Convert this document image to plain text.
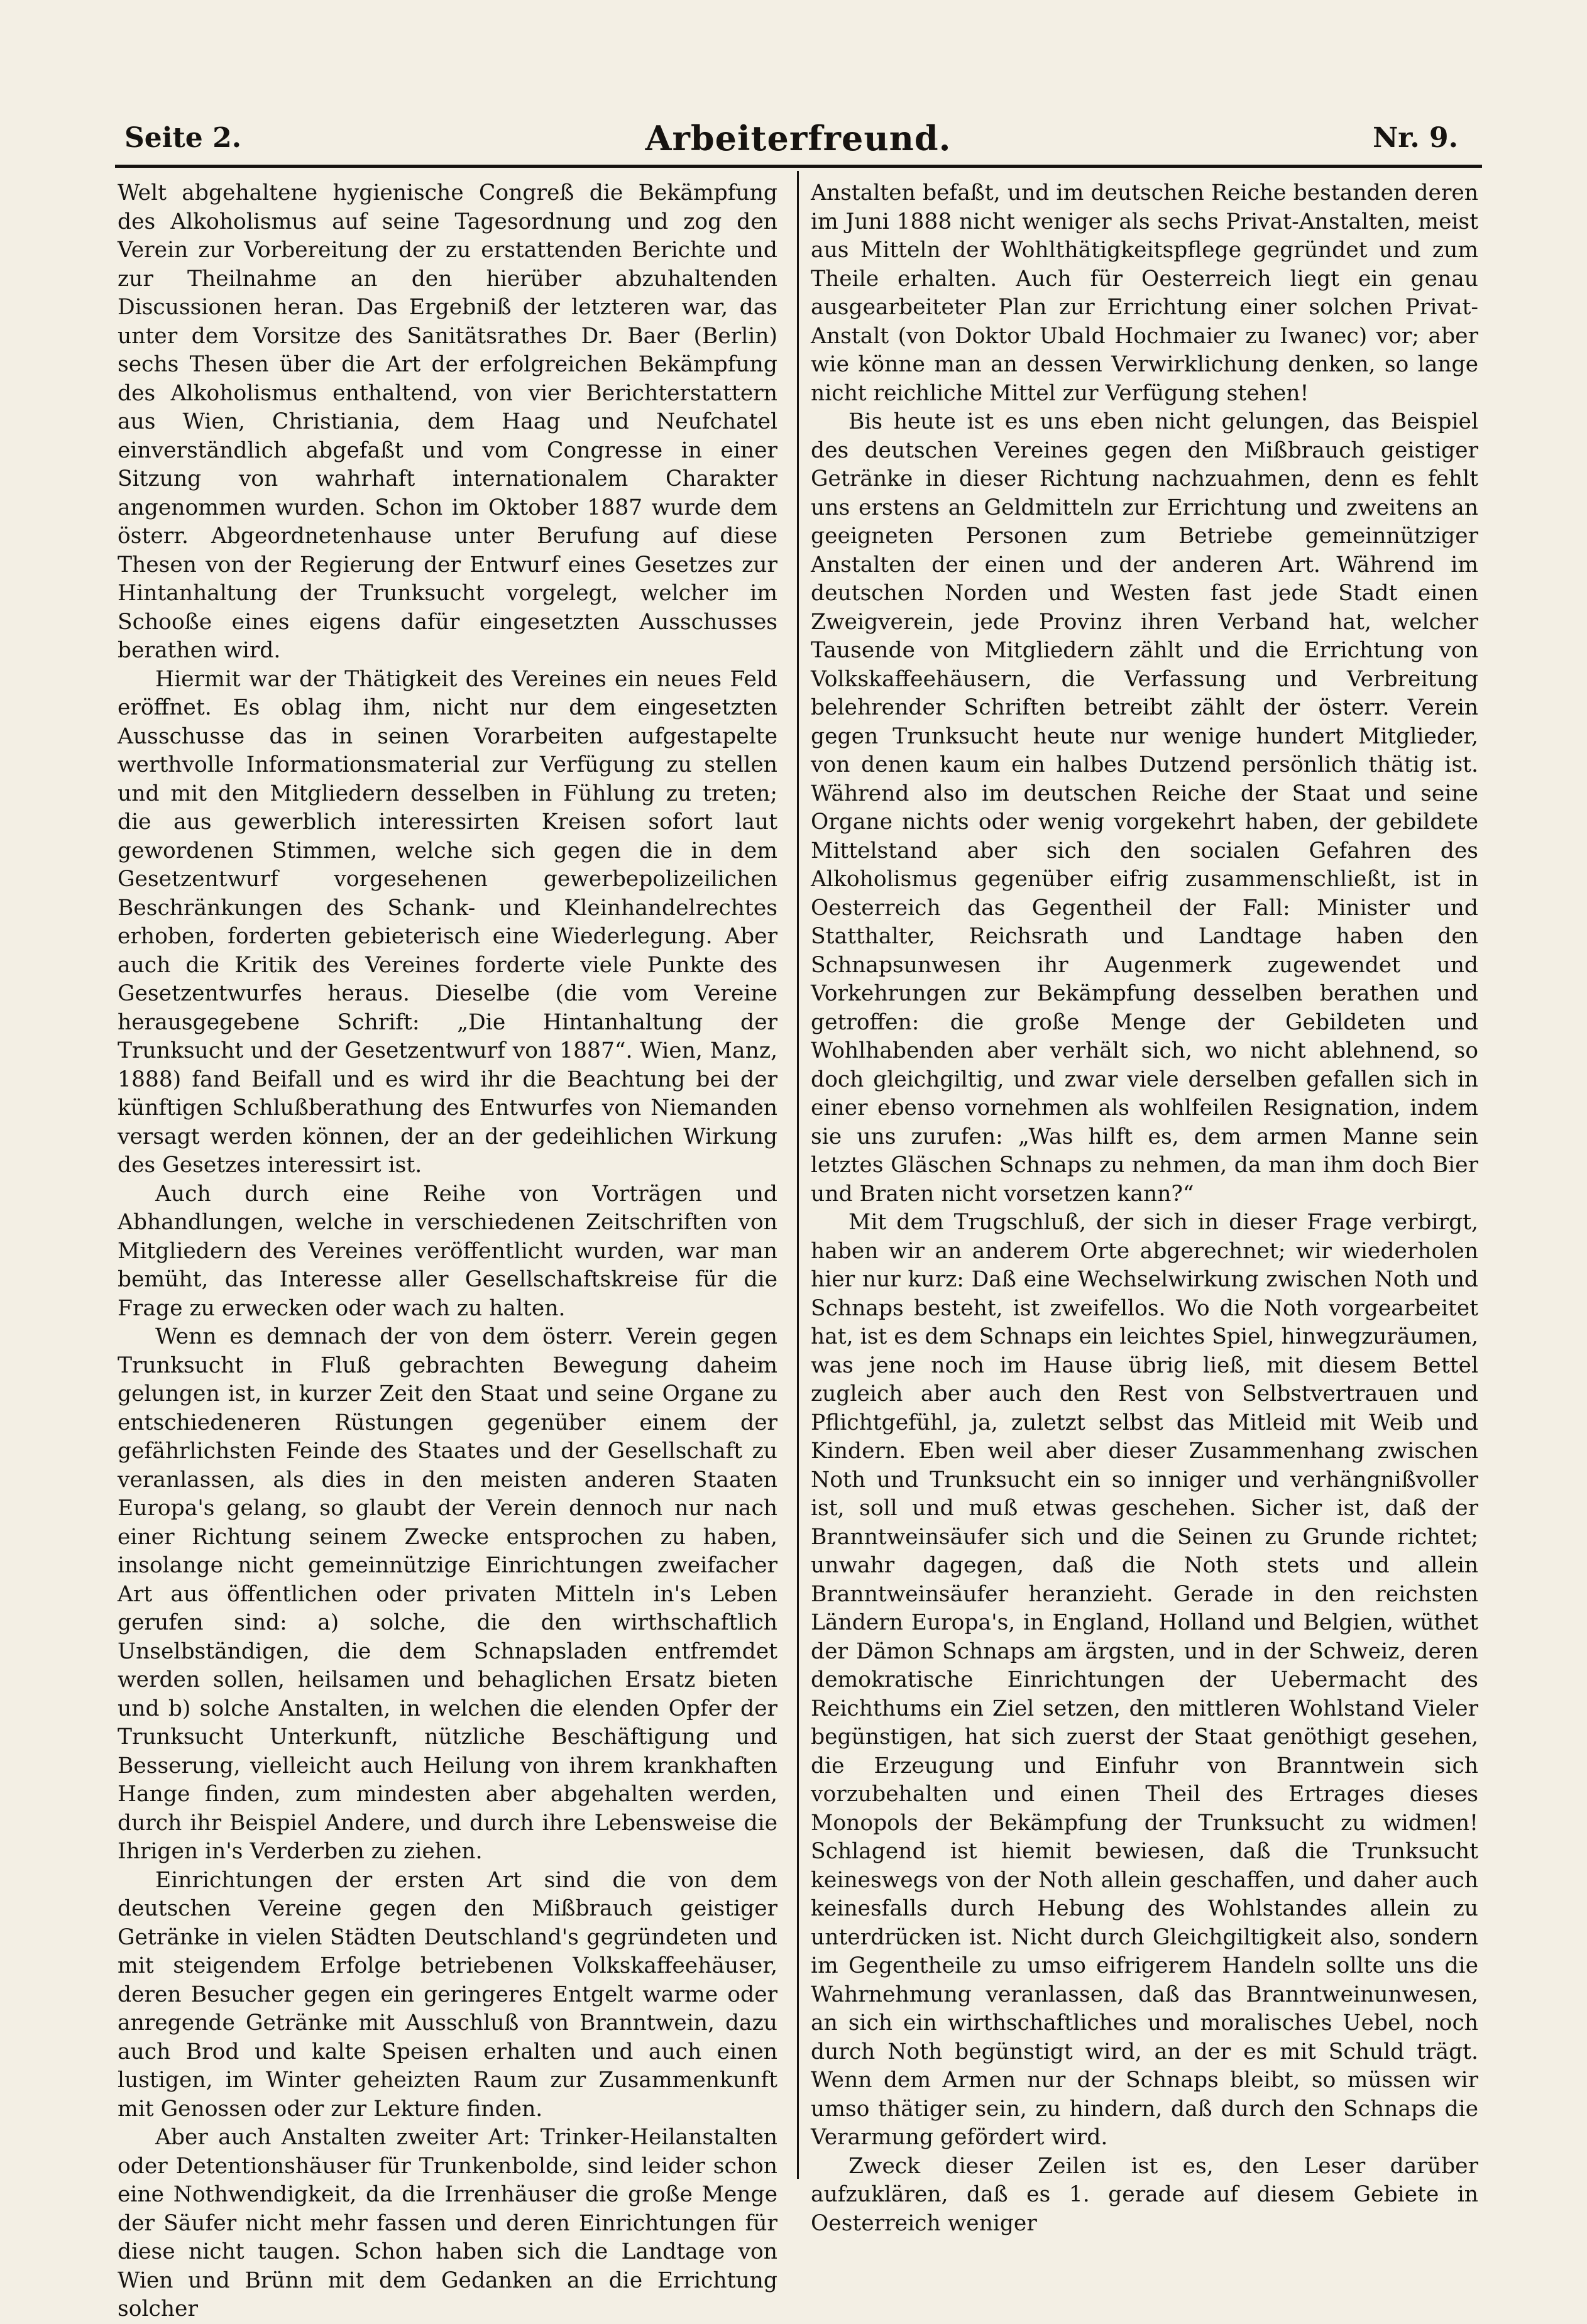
Seite 2.	Arbeiterfreund.	Nr. 9.

Welt abgehaltene hygienische Congreß die Bekämpfung des Alkoholismus auf seine Tagesordnung und zog den Verein zur Vorbereitung der zu erstattenden Berichte und zur Theilnahme an den hierüber abzuhaltenden Discussionen heran. Das Ergebniß der letzteren war, das unter dem Vorsitze des Sanitätsrathes Dr. Baer (Berlin) sechs Thesen über die Art der erfolgreichen Bekämpfung des Alkoholismus enthaltend, von vier Berichterstattern aus Wien, Christiania, dem Haag und Neufchatel einverständlich abgefaßt und vom Congresse in einer Sitzung von wahrhaft internationalem Charakter angenommen wurden. Schon im Oktober 1887 wurde dem österr. Abgeordnetenhause unter Berufung auf diese Thesen von der Regierung der Entwurf eines Gesetzes zur Hintanhaltung der Trunksucht vorgelegt, welcher im Schooße eines eigens dafür eingesetzten Ausschusses berathen wird.

Hiermit war der Thätigkeit des Vereines ein neues Feld eröffnet. Es oblag ihm, nicht nur dem eingesetzten Ausschusse das in seinen Vorarbeiten aufgestapelte werthvolle Informationsmaterial zur Verfügung zu stellen und mit den Mitgliedern desselben in Fühlung zu treten; die aus gewerblich interessirten Kreisen sofort laut gewordenen Stimmen, welche sich gegen die in dem Gesetzentwurf vorgesehenen gewerbepolizeilichen Beschränkungen des Schank- und Kleinhandelrechtes erhoben, forderten gebieterisch eine Wiederlegung. Aber auch die Kritik des Vereines forderte viele Punkte des Gesetzentwurfes heraus. Dieselbe (die vom Vereine herausgegebene Schrift: „Die Hintanhaltung der Trunksucht und der Gesetzentwurf von 1887“. Wien, Manz, 1888) fand Beifall und es wird ihr die Beachtung bei der künftigen Schlußberathung des Entwurfes von Niemanden versagt werden können, der an der gedeihlichen Wirkung des Gesetzes interessirt ist.

Auch durch eine Reihe von Vorträgen und Abhandlungen, welche in verschiedenen Zeitschriften von Mitgliedern des Vereines veröffentlicht wurden, war man bemüht, das Interesse aller Gesellschaftskreise für die Frage zu erwecken oder wach zu halten.

Wenn es demnach der von dem österr. Verein gegen Trunksucht in Fluß gebrachten Bewegung daheim gelungen ist, in kurzer Zeit den Staat und seine Organe zu entschiedeneren Rüstungen gegenüber einem der gefährlichsten Feinde des Staates und der Gesellschaft zu veranlassen, als dies in den meisten anderen Staaten Europa's gelang, so glaubt der Verein dennoch nur nach einer Richtung seinem Zwecke entsprochen zu haben, insolange nicht gemeinnützige Einrichtungen zweifacher Art aus öffentlichen oder privaten Mitteln in's Leben gerufen sind: a) solche, die den wirthschaftlich Unselbständigen, die dem Schnapsladen entfremdet werden sollen, heilsamen und behaglichen Ersatz bieten und b) solche Anstalten, in welchen die elenden Opfer der Trunksucht Unterkunft, nützliche Beschäftigung und Besserung, vielleicht auch Heilung von ihrem krankhaften Hange finden, zum mindesten aber abgehalten werden, durch ihr Beispiel Andere, und durch ihre Lebensweise die Ihrigen in's Verderben zu ziehen.

Einrichtungen der ersten Art sind die von dem deutschen Vereine gegen den Mißbrauch geistiger Getränke in vielen Städten Deutschland's gegründeten und mit steigendem Erfolge betriebenen Volkskaffeehäuser, deren Besucher gegen ein geringeres Entgelt warme oder anregende Getränke mit Ausschluß von Branntwein, dazu auch Brod und kalte Speisen erhalten und auch einen lustigen, im Winter geheizten Raum zur Zusammenkunft mit Genossen oder zur Lekture finden.

Aber auch Anstalten zweiter Art: Trinker-Heilanstalten oder Detentionshäuser für Trunkenbolde, sind leider schon eine Nothwendigkeit, da die Irrenhäuser die große Menge der Säufer nicht mehr fassen und deren Einrichtungen für diese nicht taugen. Schon haben sich die Landtage von Wien und Brünn mit dem Gedanken an die Errichtung solcher

Anstalten befaßt, und im deutschen Reiche bestanden deren im Juni 1888 nicht weniger als sechs Privat-Anstalten, meist aus Mitteln der Wohlthätigkeitspflege gegründet und zum Theile erhalten. Auch für Oesterreich liegt ein genau ausgearbeiteter Plan zur Errichtung einer solchen Privat-Anstalt (von Doktor Ubald Hochmaier zu Iwanec) vor; aber wie könne man an dessen Verwirklichung denken, so lange nicht reichliche Mittel zur Verfügung stehen!

Bis heute ist es uns eben nicht gelungen, das Beispiel des deutschen Vereines gegen den Mißbrauch geistiger Getränke in dieser Richtung nachzuahmen, denn es fehlt uns erstens an Geldmitteln zur Errichtung und zweitens an geeigneten Personen zum Betriebe gemeinnütziger Anstalten der einen und der anderen Art. Während im deutschen Norden und Westen fast jede Stadt einen Zweigverein, jede Provinz ihren Verband hat, welcher Tausende von Mitgliedern zählt und die Errichtung von Volkskaffeehäusern, die Verfassung und Verbreitung belehrender Schriften betreibt zählt der österr. Verein gegen Trunksucht heute nur wenige hundert Mitglieder, von denen kaum ein halbes Dutzend persönlich thätig ist. Während also im deutschen Reiche der Staat und seine Organe nichts oder wenig vorgekehrt haben, der gebildete Mittelstand aber sich den socialen Gefahren des Alkoholismus gegenüber eifrig zusammenschließt, ist in Oesterreich das Gegentheil der Fall: Minister und Statthalter, Reichsrath und Landtage haben den Schnapsunwesen ihr Augenmerk zugewendet und Vorkehrungen zur Bekämpfung desselben berathen und getroffen: die große Menge der Gebildeten und Wohlhabenden aber verhält sich, wo nicht ablehnend, so doch gleichgiltig, und zwar viele derselben gefallen sich in einer ebenso vornehmen als wohlfeilen Resignation, indem sie uns zurufen: „Was hilft es, dem armen Manne sein letztes Gläschen Schnaps zu nehmen, da man ihm doch Bier und Braten nicht vorsetzen kann?“

Mit dem Trugschluß, der sich in dieser Frage verbirgt, haben wir an anderem Orte abgerechnet; wir wiederholen hier nur kurz: Daß eine Wechselwirkung zwischen Noth und Schnaps besteht, ist zweifellos. Wo die Noth vorgearbeitet hat, ist es dem Schnaps ein leichtes Spiel, hinwegzuräumen, was jene noch im Hause übrig ließ, mit diesem Bettel zugleich aber auch den Rest von Selbstvertrauen und Pflichtgefühl, ja, zuletzt selbst das Mitleid mit Weib und Kindern. Eben weil aber dieser Zusammenhang zwischen Noth und Trunksucht ein so inniger und verhängnißvoller ist, soll und muß etwas geschehen. Sicher ist, daß der Branntweinsäufer sich und die Seinen zu Grunde richtet; unwahr dagegen, daß die Noth stets und allein Branntweinsäufer heranzieht. Gerade in den reichsten Ländern Europa's, in England, Holland und Belgien, wüthet der Dämon Schnaps am ärgsten, und in der Schweiz, deren demokratische Einrichtungen der Uebermacht des Reichthums ein Ziel setzen, den mittleren Wohlstand Vieler begünstigen, hat sich zuerst der Staat genöthigt gesehen, die Erzeugung und Einfuhr von Branntwein sich vorzubehalten und einen Theil des Ertrages dieses Monopols der Bekämpfung der Trunksucht zu widmen! Schlagend ist hiemit bewiesen, daß die Trunksucht keineswegs von der Noth allein geschaffen, und daher auch keinesfalls durch Hebung des Wohlstandes allein zu unterdrücken ist. Nicht durch Gleichgiltigkeit also, sondern im Gegentheile zu umso eifrigerem Handeln sollte uns die Wahrnehmung veranlassen, daß das Branntweinunwesen, an sich ein wirthschaftliches und moralisches Uebel, noch durch Noth begünstigt wird, an der es mit Schuld trägt. Wenn dem Armen nur der Schnaps bleibt, so müssen wir umso thätiger sein, zu hindern, daß durch den Schnaps die Verarmung gefördert wird.

Zweck dieser Zeilen ist es, den Leser darüber aufzuklären, daß es 1. gerade auf diesem Gebiete in Oesterreich weniger
